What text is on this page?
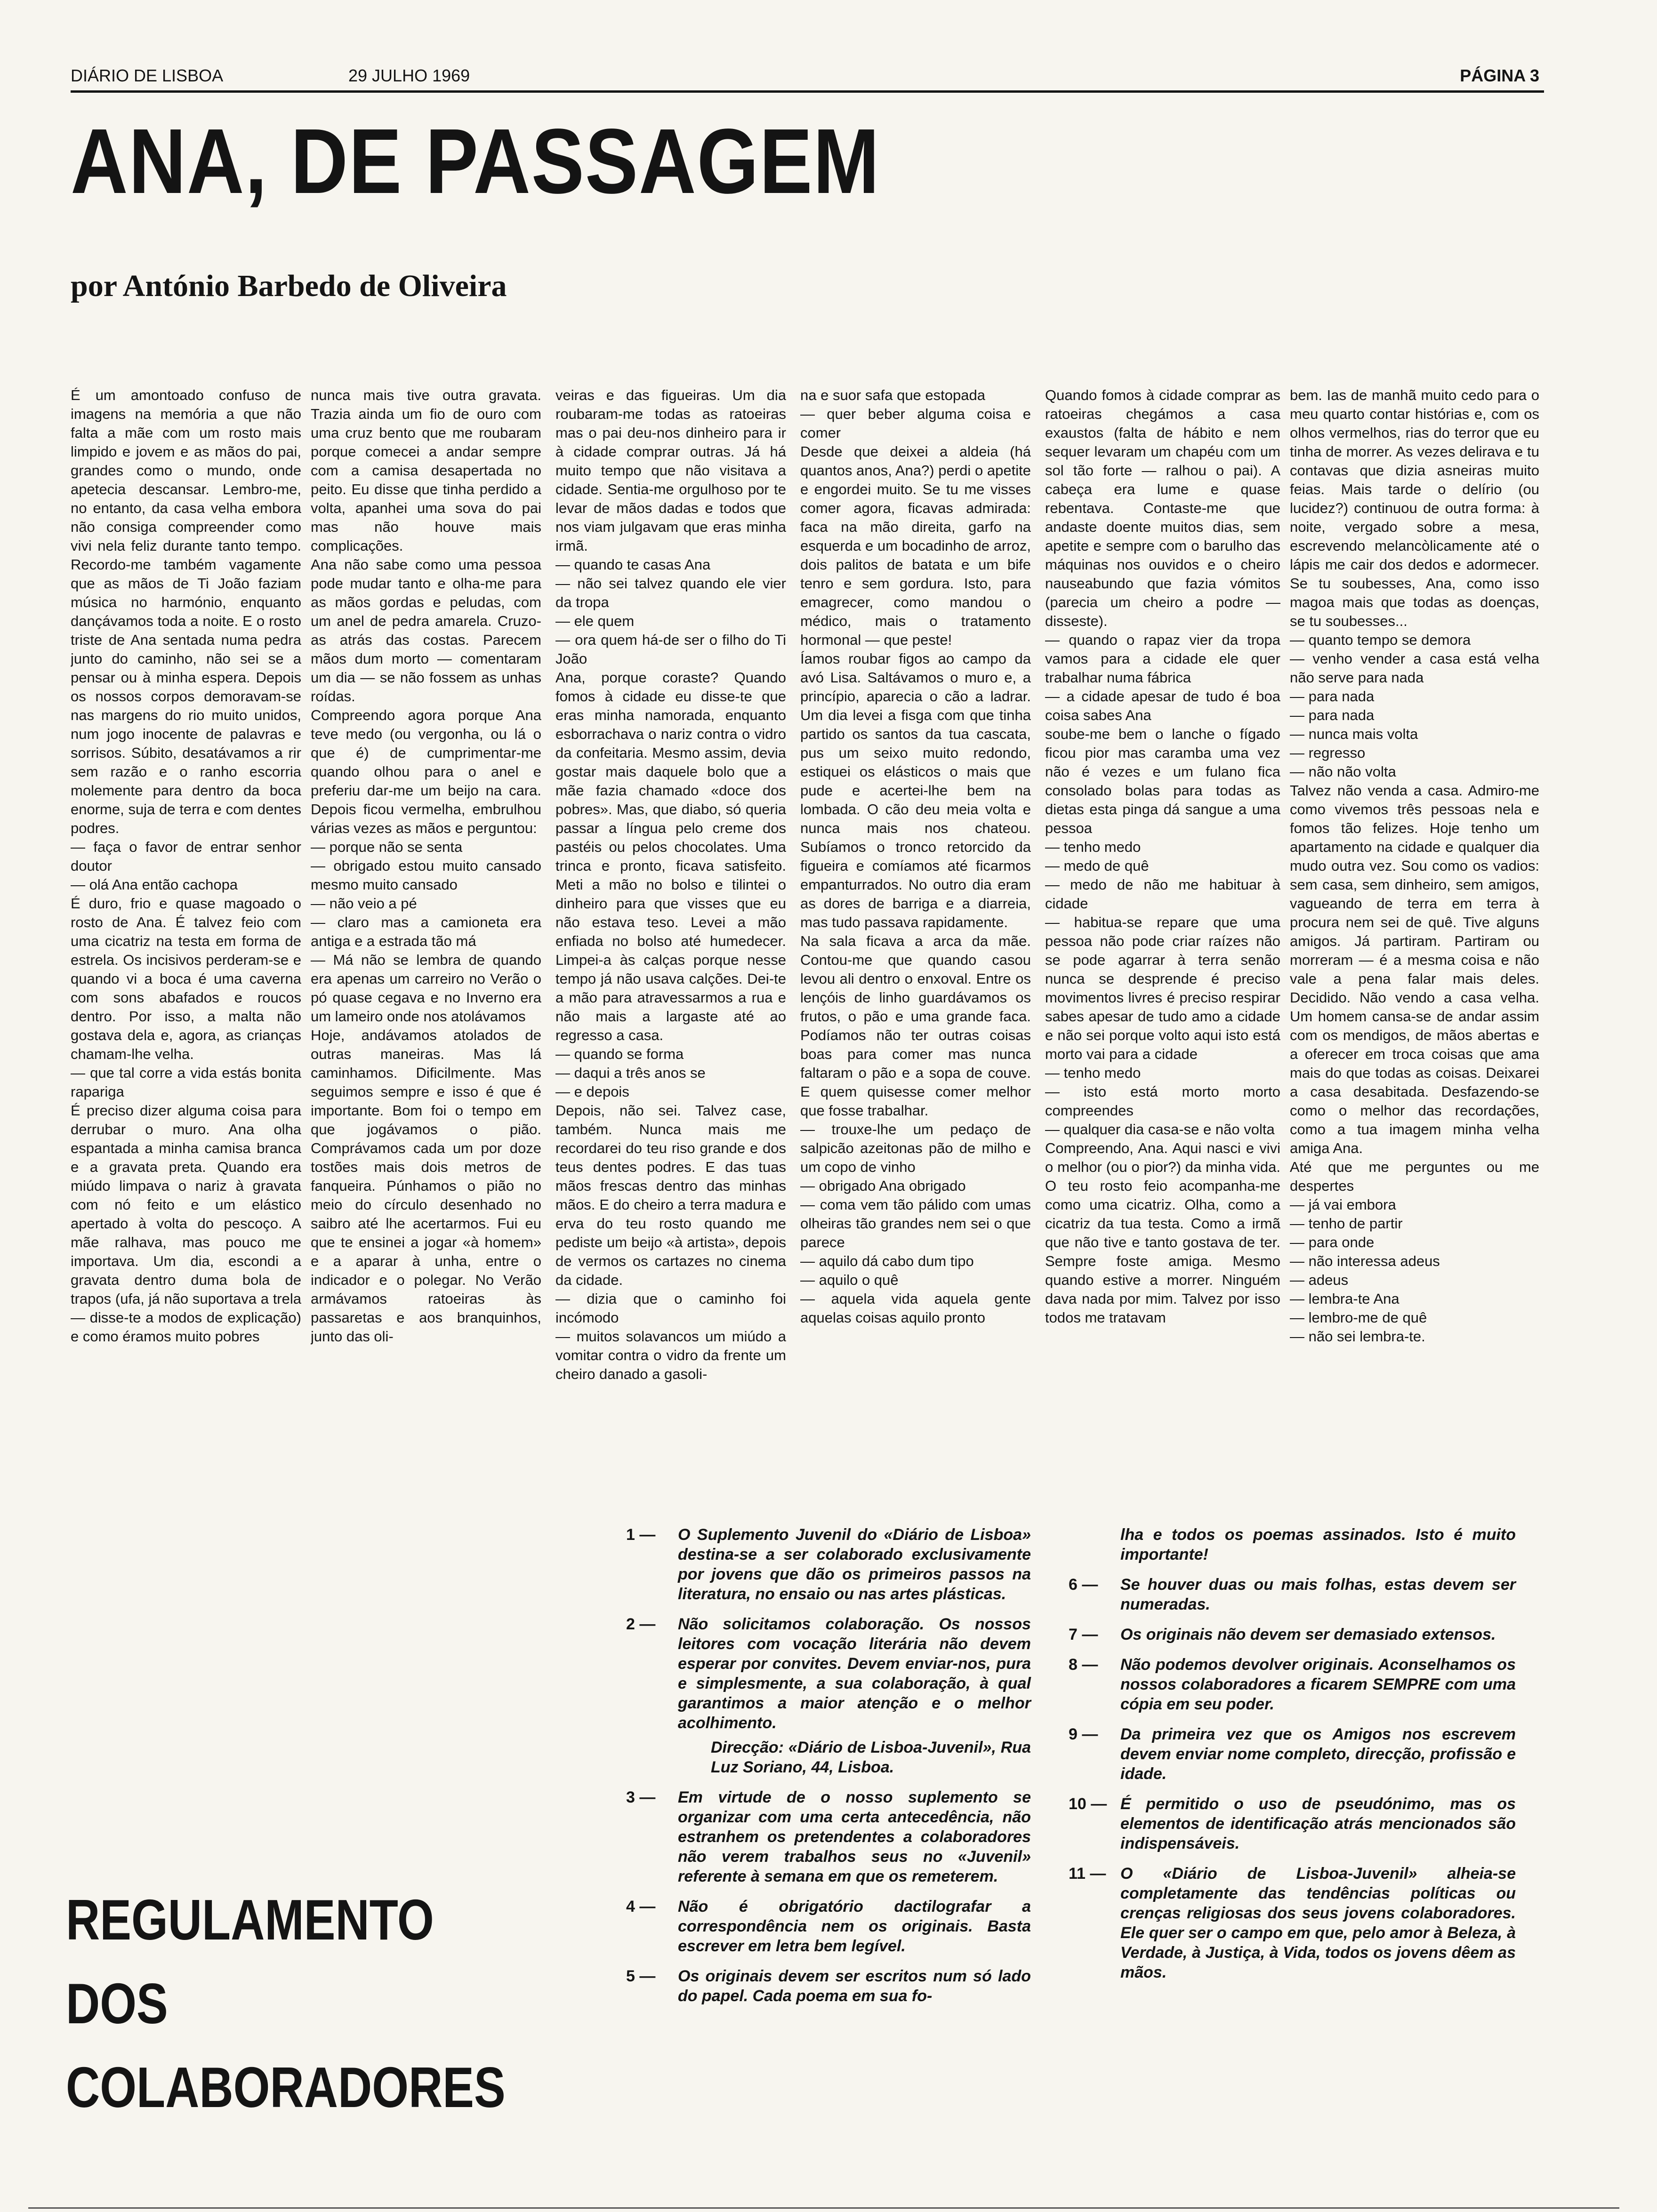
DIÁRIO DE LISBOA	29 JULHO 1969	PÁGINA 3
ANA, DE PASSAGEM
por António Barbedo de Oliveira

É um amontoado confuso de imagens na memória a que não falta a mãe com um rosto mais limpido e jovem e as mãos do pai, grandes como o mundo, onde apetecia descansar. Lembro-me, no entanto, da casa velha embora não consiga compreender como vivi nela feliz durante tanto tempo. Recordo-me também vagamente que as mãos de Ti João faziam música no harmónio, enquanto dançávamos toda a noite. E o rosto triste de Ana sentada numa pedra junto do caminho, não sei se a pensar ou à minha espera. Depois os nossos corpos demoravam-se nas margens do rio muito unidos, num jogo inocente de palavras e sorrisos. Súbito, desatávamos a rir sem razão e o ranho escorria molemente para dentro da boca enorme, suja de terra e com dentes podres.
— faça o favor de entrar senhor doutor
— olá Ana então cachopa
É duro, frio e quase magoado o rosto de Ana. É talvez feio com uma cicatriz na testa em forma de estrela. Os incisivos perderam-se e quando vi a boca é uma caverna com sons abafados e roucos dentro. Por isso, a malta não gostava dela e, agora, as crianças chamam-lhe velha.
— que tal corre a vida estás bonita rapariga
É preciso dizer alguma coisa para derrubar o muro. Ana olha espantada a minha camisa branca e a gravata preta. Quando era miúdo limpava o nariz à gravata com nó feito e um elástico apertado à volta do pescoço. A mãe ralhava, mas pouco me importava. Um dia, escondi a gravata dentro duma bola de trapos (ufa, já não suportava a trela — disse-te a modos de explicação) e como éramos muito pobres

nunca mais tive outra gravata. Trazia ainda um fio de ouro com uma cruz bento que me roubaram porque comecei a andar sempre com a camisa desapertada no peito. Eu disse que tinha perdido a volta, apanhei uma sova do pai mas não houve mais complicações.
Ana não sabe como uma pessoa pode mudar tanto e olha-me para as mãos gordas e peludas, com um anel de pedra amarela. Cruzo-as atrás das costas. Parecem mãos dum morto — comentaram um dia — se não fossem as unhas roídas.
Compreendo agora porque Ana teve medo (ou vergonha, ou lá o que é) de cumprimentar-me quando olhou para o anel e preferiu dar-me um beijo na cara. Depois ficou vermelha, embrulhou várias vezes as mãos e perguntou:
— porque não se senta
— obrigado estou muito cansado mesmo muito cansado
— não veio a pé
— claro mas a camioneta era antiga e a estrada tão má
— Má não se lembra de quando era apenas um carreiro no Verão o pó quase cegava e no Inverno era um lameiro onde nos atolávamos
Hoje, andávamos atolados de outras maneiras. Mas lá caminhamos. Dificilmente. Mas seguimos sempre e isso é que é importante. Bom foi o tempo em que jogávamos o pião. Comprávamos cada um por doze tostões mais dois metros de fanqueira. Púnhamos o pião no meio do círculo desenhado no saibro até lhe acertarmos. Fui eu que te ensinei a jogar «à homem» e a aparar à unha, entre o indicador e o polegar. No Verão armávamos ratoeiras às passaretas e aos branquinhos, junto das oli-

veiras e das figueiras. Um dia roubaram-me todas as ratoeiras mas o pai deu-nos dinheiro para ir à cidade comprar outras. Já há muito tempo que não visitava a cidade. Sentia-me orgulhoso por te levar de mãos dadas e todos que nos viam julgavam que eras minha irmã.
— quando te casas Ana
— não sei talvez quando ele vier da tropa
— ele quem
— ora quem há-de ser o filho do Ti João
Ana, porque coraste? Quando fomos à cidade eu disse-te que eras minha namorada, enquanto esborrachava o nariz contra o vidro da confeitaria. Mesmo assim, devia gostar mais daquele bolo que a mãe fazia chamado «doce dos pobres». Mas, que diabo, só queria passar a língua pelo creme dos pastéis ou pelos chocolates. Uma trinca e pronto, ficava satisfeito. Meti a mão no bolso e tilintei o dinheiro para que visses que eu não estava teso. Levei a mão enfiada no bolso até humedecer. Limpei-a às calças porque nesse tempo já não usava calções. Dei-te a mão para atravessarmos a rua e não mais a largaste até ao regresso a casa.
— quando se forma
— daqui a três anos se
— e depois
Depois, não sei. Talvez case, também. Nunca mais me recordarei do teu riso grande e dos teus dentes podres. E das tuas mãos frescas dentro das minhas mãos. E do cheiro a terra madura e erva do teu rosto quando me pediste um beijo «à artista», depois de vermos os cartazes no cinema da cidade.
— dizia que o caminho foi incómodo
— muitos solavancos um miúdo a vomitar contra o vidro da frente um cheiro danado a gasoli-

na e suor safa que estopada
— quer beber alguma coisa e comer
Desde que deixei a aldeia (há quantos anos, Ana?) perdi o apetite e engordei muito. Se tu me visses comer agora, ficavas admirada: faca na mão direita, garfo na esquerda e um bocadinho de arroz, dois palitos de batata e um bife tenro e sem gordura. Isto, para emagrecer, como mandou o médico, mais o tratamento hormonal — que peste!
Íamos roubar figos ao campo da avó Lisa. Saltávamos o muro e, a princípio, aparecia o cão a ladrar. Um dia levei a fisga com que tinha partido os santos da tua cascata, pus um seixo muito redondo, estiquei os elásticos o mais que pude e acertei-lhe bem na lombada. O cão deu meia volta e nunca mais nos chateou. Subíamos o tronco retorcido da figueira e comíamos até ficarmos empanturrados. No outro dia eram as dores de barriga e a diarreia, mas tudo passava rapidamente.
Na sala ficava a arca da mãe. Contou-me que quando casou levou ali dentro o enxoval. Entre os lençóis de linho guardávamos os frutos, o pão e uma grande faca. Podíamos não ter outras coisas boas para comer mas nunca faltaram o pão e a sopa de couve. E quem quisesse comer melhor que fosse trabalhar.
— trouxe-lhe um pedaço de salpicão azeitonas pão de milho e um copo de vinho
— obrigado Ana obrigado
— coma vem tão pálido com umas olheiras tão grandes nem sei o que parece
— aquilo dá cabo dum tipo
— aquilo o quê
— aquela vida aquela gente aquelas coisas aquilo pronto

Quando fomos à cidade comprar as ratoeiras chegámos a casa exaustos (falta de hábito e nem sequer levaram um chapéu com um sol tão forte — ralhou o pai). A cabeça era lume e quase rebentava. Contaste-me que andaste doente muitos dias, sem apetite e sempre com o barulho das máquinas nos ouvidos e o cheiro nauseabundo que fazia vómitos (parecia um cheiro a podre — disseste).
— quando o rapaz vier da tropa vamos para a cidade ele quer trabalhar numa fábrica
— a cidade apesar de tudo é boa coisa sabes Ana
soube-me bem o lanche o fígado ficou pior mas caramba uma vez não é vezes e um fulano fica consolado bolas para todas as dietas esta pinga dá sangue a uma pessoa
— tenho medo
— medo de quê
— medo de não me habituar à cidade
— habitua-se repare que uma pessoa não pode criar raízes não se pode agarrar à terra senão nunca se desprende é preciso movimentos livres é preciso respirar sabes apesar de tudo amo a cidade e não sei porque volto aqui isto está morto vai para a cidade
— tenho medo
— isto está morto morto compreendes
— qualquer dia casa-se e não volta
Compreendo, Ana. Aqui nasci e vivi o melhor (ou o pior?) da minha vida. O teu rosto feio acompanha-me como uma cicatriz. Olha, como a cicatriz da tua testa. Como a irmã que não tive e tanto gostava de ter. Sempre foste amiga. Mesmo quando estive a morrer. Ninguém dava nada por mim. Talvez por isso todos me tratavam

bem. Ias de manhã muito cedo para o meu quarto contar histórias e, com os olhos vermelhos, rias do terror que eu tinha de morrer. As vezes delirava e tu contavas que dizia asneiras muito feias. Mais tarde o delírio (ou lucidez?) continuou de outra forma: à noite, vergado sobre a mesa, escrevendo melancòlicamente até o lápis me cair dos dedos e adormecer. Se tu soubesses, Ana, como isso magoa mais que todas as doenças, se tu soubesses...
— quanto tempo se demora
— venho vender a casa está velha não serve para nada
— para nada
— para nada
— nunca mais volta
— regresso
— não não volta
Talvez não venda a casa. Admiro-me como vivemos três pessoas nela e fomos tão felizes. Hoje tenho um apartamento na cidade e qualquer dia mudo outra vez. Sou como os vadios: sem casa, sem dinheiro, sem amigos, vagueando de terra em terra à procura nem sei de quê. Tive alguns amigos. Já partiram. Partiram ou morreram — é a mesma coisa e não vale a pena falar mais deles. Decidido. Não vendo a casa velha. Um homem cansa-se de andar assim com os mendigos, de mãos abertas e a oferecer em troca coisas que ama mais do que todas as coisas. Deixarei a casa desabitada. Desfazendo-se como o melhor das recordações, como a tua imagem minha velha amiga Ana.
Até que me perguntes ou me despertes
— já vai embora
— tenho de partir
— para onde
— não interessa adeus
— adeus
— lembra-te Ana
— lembro-me de quê
— não sei lembra-te.

REGULAMENTO
DOS
COLABORADORES
1 — O Suplemento Juvenil do «Diário de Lisboa» destina-se a ser colaborado exclusivamente por jovens que dão os primeiros passos na literatura, no ensaio ou nas artes plásticas.
2 — Não solicitamos colaboração. Os nossos leitores com vocação literária não devem esperar por convites. Devem enviar-nos, pura e simplesmente, a sua colaboração, à qual garantimos a maior atenção e o melhor acolhimento.
Direcção: «Diário de Lisboa-Juvenil», Rua Luz Soriano, 44, Lisboa.
3 — Em virtude de o nosso suplemento se organizar com uma certa antecedência, não estranhem os pretendentes a colaboradores não verem trabalhos seus no «Juvenil» referente à semana em que os remeterem.
4 — Não é obrigatório dactilografar a correspondência nem os originais. Basta escrever em letra bem legível.
5 — Os originais devem ser escritos num só lado do papel. Cada poema em sua fo-
lha e todos os poemas assinados. Isto é muito importante!
6 — Se houver duas ou mais folhas, estas devem ser numeradas.
7 — Os originais não devem ser demasiado extensos.
8 — Não podemos devolver originais. Aconselhamos os nossos colaboradores a ficarem SEMPRE com uma cópia em seu poder.
9 — Da primeira vez que os Amigos nos escrevem devem enviar nome completo, direcção, profissão e idade.
10 — É permitido o uso de pseudónimo, mas os elementos de identificação atrás mencionados são indispensáveis.
11 — O «Diário de Lisboa-Juvenil» alheia-se completamente das tendências políticas ou crenças religiosas dos seus jovens colaboradores. Ele quer ser o campo em que, pelo amor à Beleza, à Verdade, à Justiça, à Vida, todos os jovens dêem as mãos.
